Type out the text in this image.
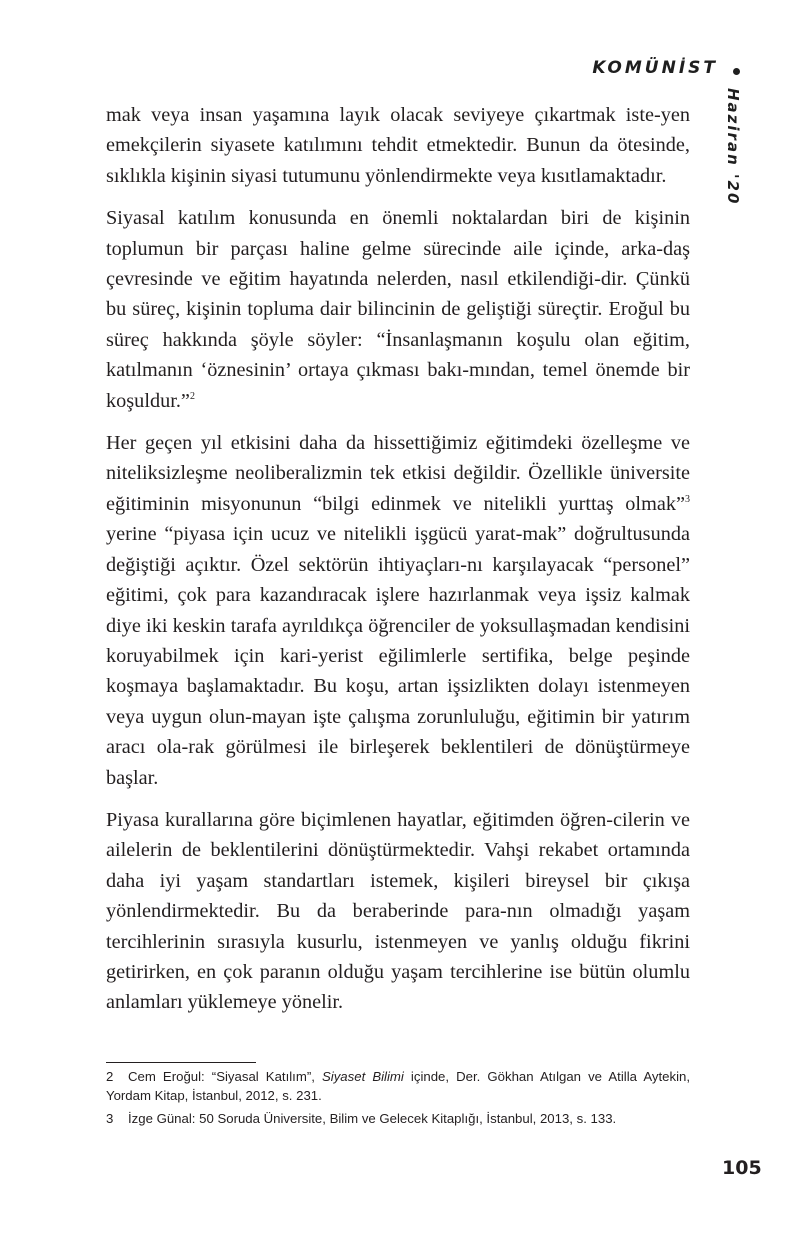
KOMÜNİST
Haziran '20

mak veya insan yaşamına layık olacak seviyeye çıkartmak iste-yen emekçilerin siyasete katılımını tehdit etmektedir. Bunun da ötesinde, sıklıkla kişinin siyasi tutumunu yönlendirmekte veya kısıtlamaktadır.

Siyasal katılım konusunda en önemli noktalardan biri de kişinin toplumun bir parçası haline gelme sürecinde aile içinde, arka-daş çevresinde ve eğitim hayatında nelerden, nasıl etkilendiği-dir. Çünkü bu süreç, kişinin topluma dair bilincinin de geliştiği süreçtir. Eroğul bu süreç hakkında şöyle söyler: “İnsanlaşmanın koşulu olan eğitim, katılmanın ‘öznesinin’ ortaya çıkması bakı-mından, temel önemde bir koşuldur.”$^2$

Her geçen yıl etkisini daha da hissettiğimiz eğitimdeki özelleşme ve niteliksizleşme neoliberalizmin tek etkisi değildir. Özellikle üniversite eğitiminin misyonunun “bilgi edinmek ve nitelikli yurttaş olmak”$^3$ yerine “piyasa için ucuz ve nitelikli işgücü yarat-mak” doğrultusunda değiştiği açıktır. Özel sektörün ihtiyaçları-nı karşılayacak “personel” eğitimi, çok para kazandıracak işlere hazırlanmak veya işsiz kalmak diye iki keskin tarafa ayrıldıkça öğrenciler de yoksullaşmadan kendisini koruyabilmek için kari-yerist eğilimlerle sertifika, belge peşinde koşmaya başlamaktadır. Bu koşu, artan işsizlikten dolayı istenmeyen veya uygun olun-mayan işte çalışma zorunluluğu, eğitimin bir yatırım aracı ola-rak görülmesi ile birleşerek beklentileri de dönüştürmeye başlar.

Piyasa kurallarına göre biçimlenen hayatlar, eğitimden öğren-cilerin ve ailelerin de beklentilerini dönüştürmektedir. Vahşi rekabet ortamında daha iyi yaşam standartları istemek, kişileri bireysel bir çıkışa yönlendirmektedir. Bu da beraberinde para-nın olmadığı yaşam tercihlerinin sırasıyla kusurlu, istenmeyen ve yanlış olduğu fikrini getirirken, en çok paranın olduğu yaşam tercihlerine ise bütün olumlu anlamları yüklemeye yönelir.

2 Cem Eroğul: “Siyasal Katılım”, Siyaset Bilimi içinde, Der. Gökhan Atılgan ve Atilla Aytekin, Yordam Kitap, İstanbul, 2012, s. 231.
3 İzge Günal: 50 Soruda Üniversite, Bilim ve Gelecek Kitaplığı, İstanbul, 2013, s. 133.
105
